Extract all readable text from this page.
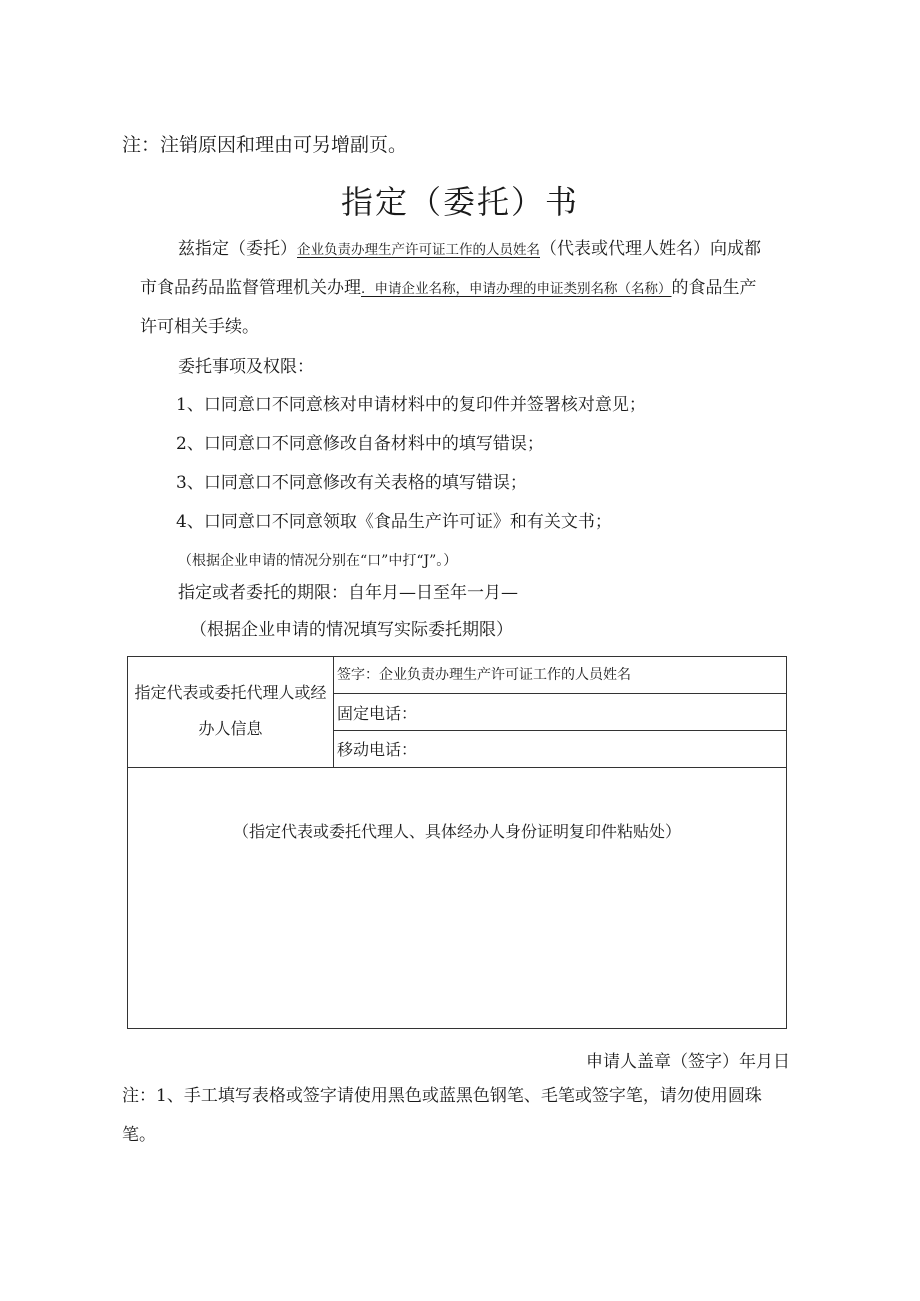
注：注销原因和理由可另增副页。
指定（委托）书
兹指定（委托）企业负责办理生产许可证工作的人员姓名（代表或代理人姓名）向成都
市食品药品监督管理机关办理．申请企业名称，申请办理的申证类别名称（名称）的食品生产
许可相关手续。
委托事项及权限：
1、口同意口不同意核对申请材料中的复印件并签署核对意见；
2、口同意口不同意修改自备材料中的填写错误；
3、口同意口不同意修改有关表格的填写错误；
4、口同意口不同意领取《食品生产许可证》和有关文书；
（根据企业申请的情况分别在“口”中打“J”。）
指定或者委托的期限：自年月—日至年一月—
（根据企业申请的情况填写实际委托期限）
指定代表或委托代理人或经
办人信息
签字：企业负责办理生产许可证工作的人员姓名
固定电话：
移动电话：
（指定代表或委托代理人、具体经办人身份证明复印件粘贴处）
申请人盖章（签字）年月日
注：1、手工填写表格或签字请使用黑色或蓝黑色钢笔、毛笔或签字笔，请勿使用圆珠
笔。
